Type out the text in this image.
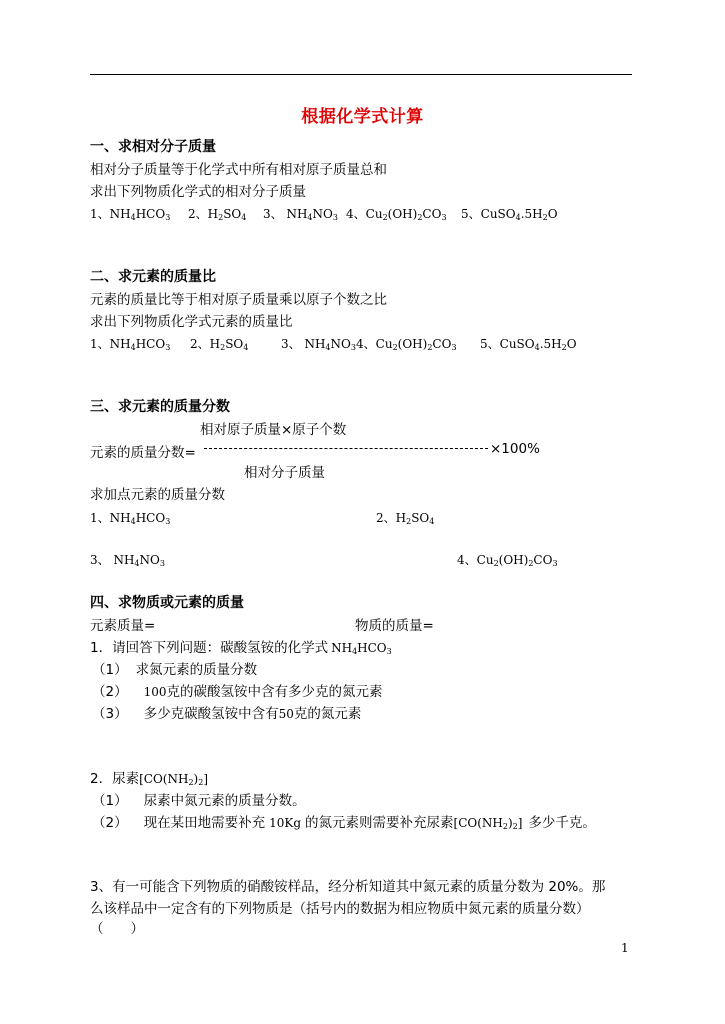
根据化学式计算
一、求相对分子质量
相对分子质量等于化学式中所有相对原子质量总和
求出下列物质化学式的相对分子质量
1、$NH_4HCO_3$ 2、$H_2SO_4$ 3、 $NH_4NO_3$ 4、$Cu_2(OH)_2CO_3$ 5、$CuSO_4.5H_2O$
二、求元素的质量比
元素的质量比等于相对原子质量乘以原子个数之比
求出下列物质化学式元素的质量比
1、$NH_4HCO_3$ 2、$H_2SO_4$	3、 $NH_4NO_3$ 4、$Cu_2(OH)_2CO_3$ 5、$CuSO_4.5H_2O$
三、求元素的质量分数
相对原子质量×原子个数
元素的质量分数=	×100%
相对分子质量
求加点元素的质量分数
1、$NH_4HCO_3$	2、$H_2SO_4$
3、 $NH_4NO_3$	4、$Cu_2(OH)_2CO_3$
四、求物质或元素的质量
元素质量=	物质的质量=
1．请回答下列问题：碳酸氢铵的化学式 $NH_4HCO_3$
（1） 求氮元素的质量分数
（2） 100克的碳酸氢铵中含有多少克的氮元素
（3） 多少克碳酸氢铵中含有50克的氮元素
2．尿素$[CO(NH_2)_2]$
（1） 尿素中氮元素的质量分数。
（2） 现在某田地需要补充 10Kg 的氮元素则需要补充尿素$[CO(NH_2)_2]$ 多少千克。
3、有一可能含下列物质的硝酸铵样品，经分析知道其中氮元素的质量分数为 20%。那
么该样品中一定含有的下列物质是（括号内的数据为相应物质中氮元素的质量分数）
（　　）
1
